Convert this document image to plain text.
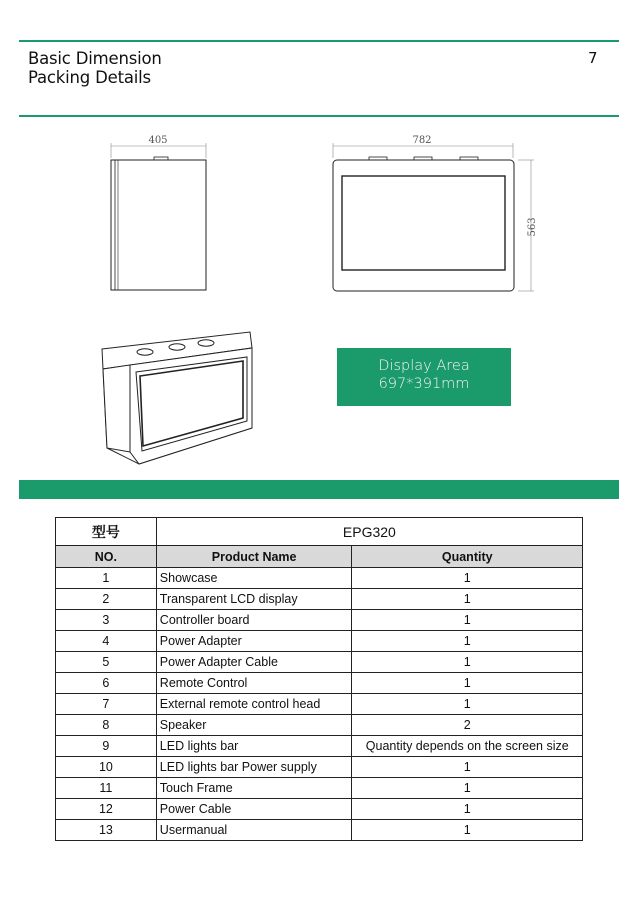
Basic Dimension
Packing Details
7
405	782
563
Display Area
697*391mm
型号	EPG320	
NO.	Product Name	Quantity
1	Showcase	1
2	Transparent LCD display	1
3	Controller board	1
4	Power Adapter	1
5	Power Adapter Cable	1
6	Remote Control	1
7	External remote control head	1
8	Speaker	2
9	LED lights bar	Quantity depends on the screen size
10	LED lights bar Power supply	1
11	Touch Frame	1
12	Power Cable	1
13	Usermanual	1
